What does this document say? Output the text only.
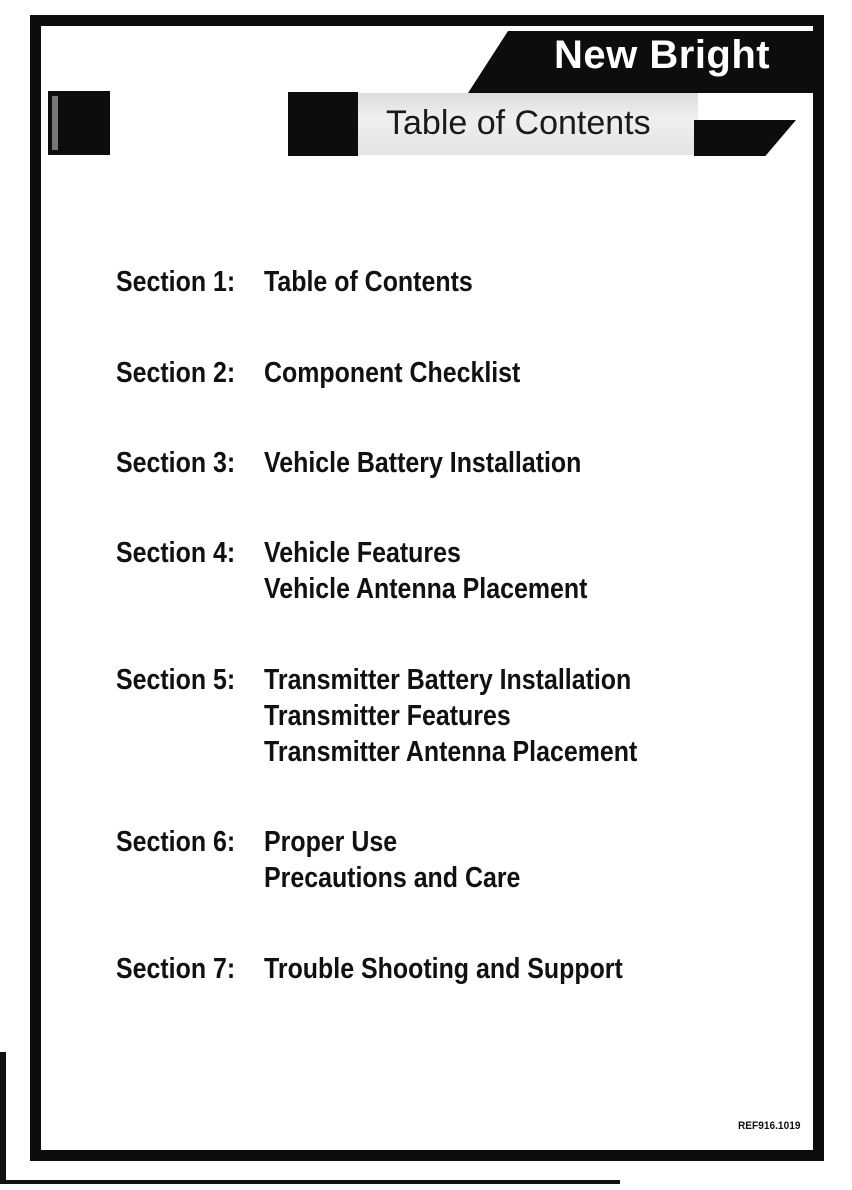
New Bright
Table of Contents
Section 1: Table of Contents
Section 2: Component Checklist
Section 3: Vehicle Battery Installation
Section 4: Vehicle Features
Vehicle Antenna Placement
Section 5: Transmitter Battery Installation
Transmitter Features
Transmitter Antenna Placement
Section 6: Proper Use
Precautions and Care
Section 7: Trouble Shooting and Support
REF916.1019
